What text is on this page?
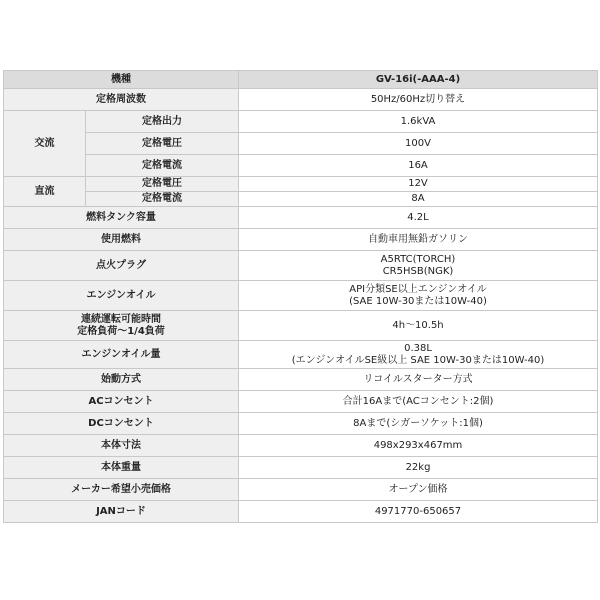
機種		GV-16i(-AAA-4)
定格周波数		50Hz/60Hz切り替え
交流	定格出力	1.6kVA
	定格電圧	100V
	定格電流	16A
直流	定格電圧	12V
	定格電流	8A
燃料タンク容量		4.2L
使用燃料		自動車用無鉛ガソリン
点火プラグ		A5RTC(TORCH)
CR5HSB(NGK)

エンジンオイル		API分類SE以上エンジンオイル
(SAE 10W-30または10W-40)

連続運転可能時間
定格負荷〜1/4負荷		4h〜10.5h
エンジンオイル量		0.38L
(エンジンオイルSE級以上 SAE 10W-30または10W-40)

始動方式		リコイルスターター方式
ACコンセント		合計16Aまで(ACコンセント:2個)
DCコンセント		8Aまで(シガーソケット:1個)
本体寸法		498x293x467mm
本体重量		22kg
メーカー希望小売価格		オープン価格
JANコード		4971770-650657
